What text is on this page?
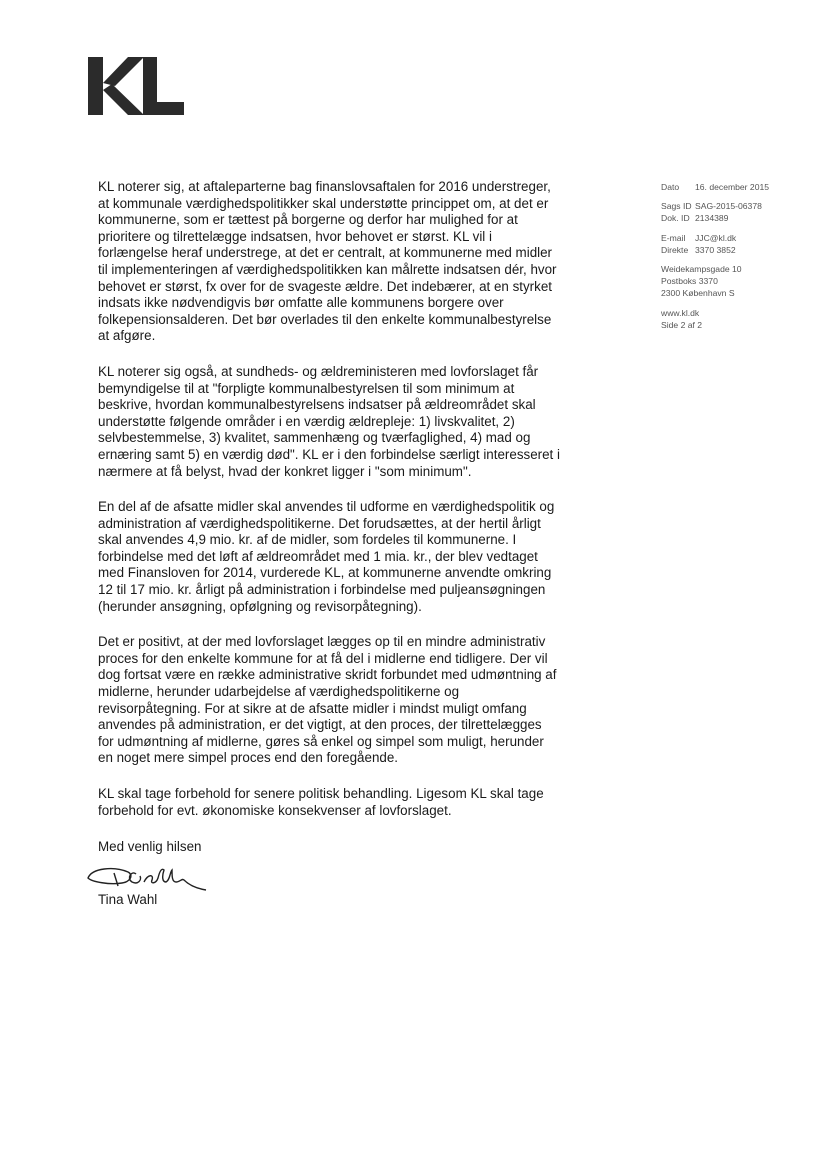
KL noterer sig, at aftaleparterne bag finanslovsaftalen for 2016 understreger, at kommunale værdighedspolitikker skal understøtte princippet om, at det er kommunerne, som er tættest på borgerne og derfor har mulighed for at prioritere og tilrettelægge indsatsen, hvor behovet er størst. KL vil i forlængelse heraf understrege, at det er centralt, at kommunerne med midler til implementeringen af værdighedspolitikken kan målrette indsatsen dér, hvor behovet er størst, fx over for de svageste ældre. Det indebærer, at en styrket indsats ikke nødvendigvis bør omfatte alle kommunens borgere over folkepensionsalderen. Det bør overlades til den enkelte kommunalbestyrelse at afgøre.

KL noterer sig også, at sundheds- og ældreministeren med lovforslaget får bemyndigelse til at "forpligte kommunalbestyrelsen til som minimum at beskrive, hvordan kommunalbestyrelsens indsatser på ældreområdet skal understøtte følgende områder i en værdig ældrepleje: 1) livskvalitet, 2) selvbestemmelse, 3) kvalitet, sammenhæng og tværfaglighed, 4) mad og ernæring samt 5) en værdig død". KL er i den forbindelse særligt interesseret i nærmere at få belyst, hvad der konkret ligger i "som minimum".

En del af de afsatte midler skal anvendes til udforme en værdighedspolitik og administration af værdighedspolitikerne. Det forudsættes, at der hertil årligt skal anvendes 4,9 mio. kr. af de midler, som fordeles til kommunerne. I forbindelse med det løft af ældreområdet med 1 mia. kr., der blev vedtaget med Finansloven for 2014, vurderede KL, at kommunerne anvendte omkring 12 til 17 mio. kr. årligt på administration i forbindelse med puljeansøgningen (herunder ansøgning, opfølgning og revisorpåtegning).

Det er positivt, at der med lovforslaget lægges op til en mindre administrativ proces for den enkelte kommune for at få del i midlerne end tidligere. Der vil dog fortsat være en række administrative skridt forbundet med udmøntning af midlerne, herunder udarbejdelse af værdighedspolitikerne og revisorpåtegning. For at sikre at de afsatte midler i mindst muligt omfang anvendes på administration, er det vigtigt, at den proces, der tilrettelægges for udmøntning af midlerne, gøres så enkel og simpel som muligt, herunder en noget mere simpel proces end den foregående.

KL skal tage forbehold for senere politisk behandling. Ligesom KL skal tage forbehold for evt. økonomiske konsekvenser af lovforslaget.

Med venlig hilsen
Tina Wahl
Dato 16. december 2015
Sags ID SAG-2015-06378
Dok. ID 2134389
E-mail JJC@kl.dk
Direkte 3370 3852
Weidekampsgade 10
Postboks 3370
2300 København S
www.kl.dk
Side 2 af 2
